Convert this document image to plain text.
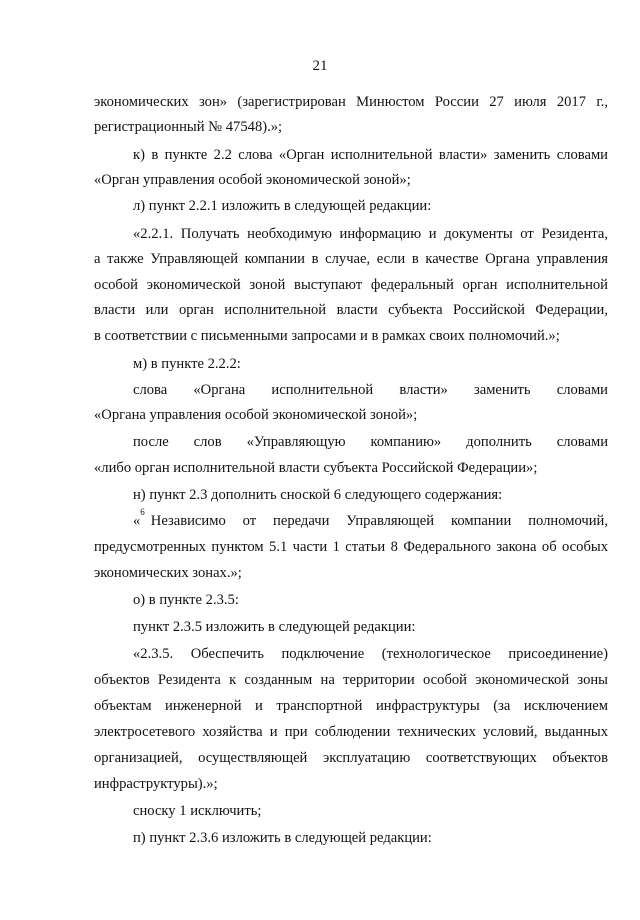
21
экономических зон» (зарегистрирован Минюстом России 27 июля 2017 г.,
регистрационный № 47548).»;
к) в пункте 2.2 слова «Орган исполнительной власти» заменить словами
«Орган управления особой экономической зоной»;
л) пункт 2.2.1 изложить в следующей редакции:
«2.2.1. Получать необходимую информацию и документы от Резидента,
а также Управляющей компании в случае, если в качестве Органа управления
особой экономической зоной выступают федеральный орган исполнительной
власти или орган исполнительной власти субъекта Российской Федерации,
в соответствии с письменными запросами и в рамках своих полномочий.»;
м) в пункте 2.2.2:
слова «Органа исполнительной власти» заменить словами
«Органа управления особой экономической зоной»;
после слов «Управляющую компанию» дополнить словами
«либо орган исполнительной власти субъекта Российской Федерации»;
н) пункт 2.3 дополнить сноской 6 следующего содержания:
«
6
Независимо от передачи Управляющей компании полномочий,
предусмотренных пунктом 5.1 части 1 статьи 8 Федерального закона об особых
экономических зонах.»;
о) в пункте 2.3.5:
пункт 2.3.5 изложить в следующей редакции:
«2.3.5. Обеспечить подключение (технологическое присоединение)
объектов Резидента к созданным на территории особой экономической зоны
объектам инженерной и транспортной инфраструктуры (за исключением
электросетевого хозяйства и при соблюдении технических условий, выданных
организацией, осуществляющей эксплуатацию соответствующих объектов
инфраструктуры).»;
сноску 1 исключить;
п) пункт 2.3.6 изложить в следующей редакции:
